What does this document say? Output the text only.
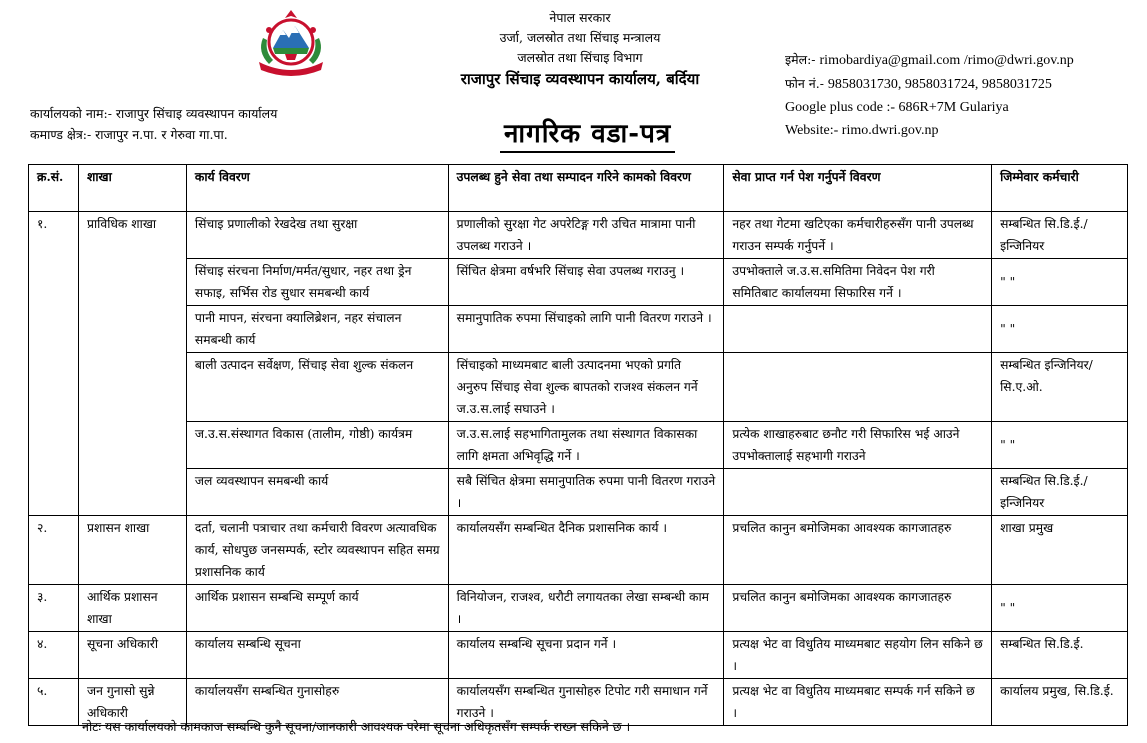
नेपाल सरकार
उर्जा, जलस्रोत तथा सिंचाइ मन्त्रालय
जलस्रोत तथा सिंचाइ विभाग
राजापुर सिंचाइ व्यवस्थापन कार्यालय, बर्दिया
इमेल:- rimobardiya@gmail.com /rimo@dwri.gov.np
फोन नं.- 9858031730, 9858031724, 9858031725
Google plus code :- 686R+7M Gulariya
Website:- rimo.dwri.gov.np
कार्यालयको नाम:- राजापुर सिंचाइ व्यवस्थापन कार्यालय
कमाण्ड क्षेत्र:- राजापुर न.पा. र गेरुवा गा.पा.	नागरिक वडा-पत्र
क्र.सं.	शाखा	कार्य विवरण	उपलब्ध हुने सेवा तथा सम्पादन गरिने कामको विवरण	सेवा प्राप्त गर्न पेश गर्नुपर्ने विवरण	जिम्मेवार कर्मचारी
१.	प्राविधिक शाखा	सिंचाइ प्रणालीको रेखदेख तथा सुरक्षा	प्रणालीको सुरक्षा गेट अपरेटिङ्ग गरी उचित मात्रामा पानी उपलब्ध गराउने ।	नहर तथा गेटमा खटिएका कर्मचारीहरुसँग पानी उपलब्ध गराउन सम्पर्क गर्नुपर्ने ।	सम्बन्धित सि.डि.ई./ इन्जिनियर
		सिंचाइ संरचना निर्माण/मर्मत/सुधार, नहर तथा ड्रेन सफाइ, सर्भिस रोड सुधार समबन्धी कार्य	सिंचित क्षेत्रमा वर्षभरि सिंचाइ सेवा उपलब्ध गराउनु ।	उपभोक्ताले ज.उ.स.समितिमा निवेदन पेश गरी समितिबाट कार्यालयमा सिफारिस गर्ने ।	" "
		पानी मापन, संरचना क्यालिब्रेशन, नहर संचालन समबन्धी कार्य	समानुपातिक रुपमा सिंचाइको लागि पानी वितरण गराउने ।		" "
		बाली उत्पादन सर्वेक्षण, सिंचाइ सेवा शुल्क संकलन	सिंचाइको माध्यमबाट बाली उत्पादनमा भएको प्रगति अनुरुप सिंचाइ सेवा शुल्क बापतको राजश्व संकलन गर्ने ज.उ.स.लाई सघाउने ।		सम्बन्धित इन्जिनियर/सि.ए.ओ.
		ज.उ.स.संस्थागत विकास (तालीम, गोष्ठी) कार्यत्रम	ज.उ.स.लाई सहभागितामुलक तथा संस्थागत विकासका लागि क्षमता अभिवृद्धि गर्ने ।	प्रत्येक शाखाहरुबाट छनौट गरी सिफारिस भई आउने उपभोक्तालाई सहभागी गराउने	" "
		जल व्यवस्थापन समबन्धी कार्य	सबै सिंचित क्षेत्रमा समानुपातिक रुपमा पानी वितरण गराउने ।		सम्बन्धित सि.डि.ई./ इन्जिनियर
२.	प्रशासन शाखा	दर्ता, चलानी पत्राचार तथा कर्मचारी विवरण अत्यावधिक कार्य, सोधपुछ जनसम्पर्क, स्टोर व्यवस्थापन सहित समग्र प्रशासनिक कार्य	कार्यालयसँग सम्बन्धित दैनिक प्रशासनिक कार्य ।	प्रचलित कानुन बमोजिमका आवश्यक कागजातहरु	शाखा प्रमुख
३.	आर्थिक प्रशासन शाखा	आर्थिक प्रशासन सम्बन्धि सम्पूर्ण कार्य	विनियोजन, राजश्व, धरौटी लगायतका लेखा सम्बन्धी काम ।	प्रचलित कानुन बमोजिमका आवश्यक कागजातहरु	" "
४.	सूचना अधिकारी	कार्यालय सम्बन्धि सूचना	कार्यालय सम्बन्धि सूचना प्रदान गर्ने ।	प्रत्यक्ष भेट वा विधुतिय माध्यमबाट सहयोग लिन सकिने छ ।	सम्बन्धित सि.डि.ई.
५.	जन गुनासो सुन्ने अधिकारी	कार्यालयसँग सम्बन्धित गुनासोहरु	कार्यालयसँग सम्बन्धित गुनासोहरु टिपोट गरी समाधान गर्ने गराउने ।	प्रत्यक्ष भेट वा विधुतिय माध्यमबाट सम्पर्क गर्न सकिने छ ।	कार्यालय प्रमुख, सि.डि.ई.
नोटः यस कार्यालयको कामकाज सम्बन्धि कुनै सूचना/जानकारी आवश्यक परेमा सूचना अधिकृतसँग सम्पर्क राख्न सकिने छ ।
